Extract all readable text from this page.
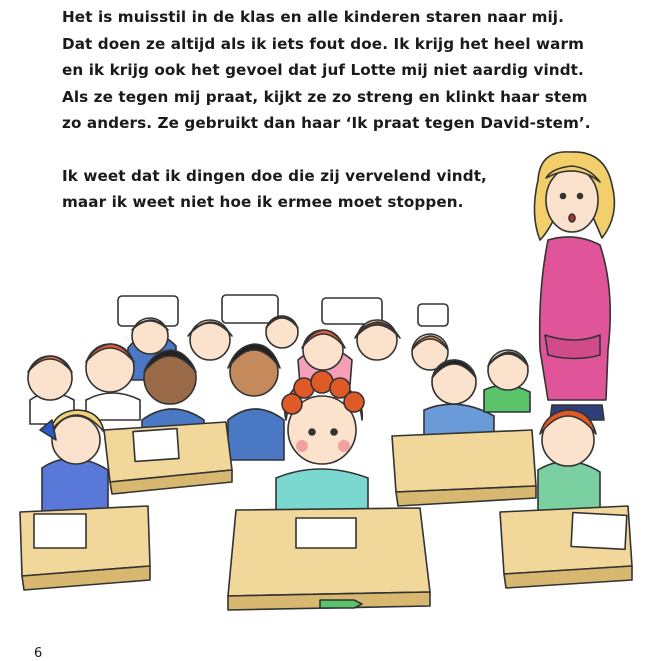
Het is muisstil in de klas en alle kinderen staren naar mij.

Dat doen ze altijd als ik iets fout doe. Ik krijg het heel warm

en ik krijg ook het gevoel dat juf Lotte mij niet aardig vindt.

Als ze tegen mij praat, kijkt ze zo streng en klinkt haar stem

zo anders. Ze gebruikt dan haar ‘Ik praat tegen David-stem’.

Ik weet dat ik dingen doe die zij vervelend vindt,

maar ik weet niet hoe ik ermee moet stoppen.

6
